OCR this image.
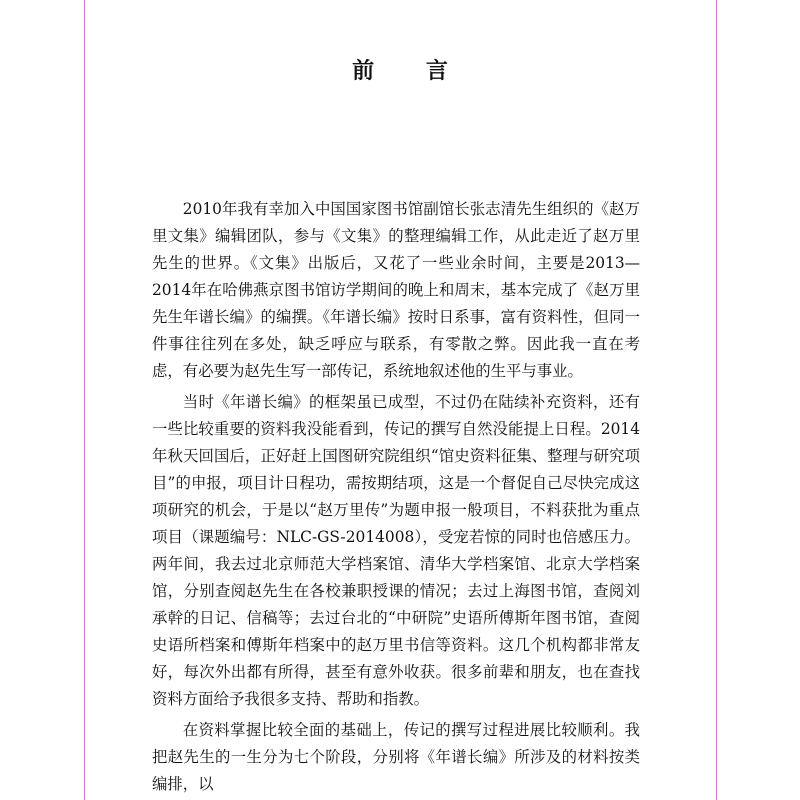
前 言

2010年我有幸加入中国国家图书馆副馆长张志清先生组织的《赵万里文集》编辑团队，参与《文集》的整理编辑工作，从此走近了赵万里先生的世界。《文集》出版后，又花了一些业余时间，主要是2013—2014年在哈佛燕京图书馆访学期间的晚上和周末，基本完成了《赵万里先生年谱长编》的编撰。《年谱长编》按时日系事，富有资料性，但同一件事往往列在多处，缺乏呼应与联系，有零散之弊。因此我一直在考虑，有必要为赵先生写一部传记，系统地叙述他的生平与事业。

当时《年谱长编》的框架虽已成型，不过仍在陆续补充资料，还有一些比较重要的资料我没能看到，传记的撰写自然没能提上日程。2014年秋天回国后，正好赶上国图研究院组织“馆史资料征集、整理与研究项目”的申报，项目计日程功，需按期结项，这是一个督促自己尽快完成这项研究的机会，于是以“赵万里传”为题申报一般项目，不料获批为重点项目（课题编号：NLC-GS-2014008），受宠若惊的同时也倍感压力。两年间，我去过北京师范大学档案馆、清华大学档案馆、北京大学档案馆，分别查阅赵先生在各校兼职授课的情况；去过上海图书馆，查阅刘承幹的日记、信稿等；去过台北的“中研院”史语所傅斯年图书馆，查阅史语所档案和傅斯年档案中的赵万里书信等资料。这几个机构都非常友好，每次外出都有所得，甚至有意外收获。很多前辈和朋友，也在查找资料方面给予我很多支持、帮助和指教。

在资料掌握比较全面的基础上，传记的撰写过程进展比较顺利。我把赵先生的一生分为七个阶段，分别将《年谱长编》所涉及的材料按类编排，以
